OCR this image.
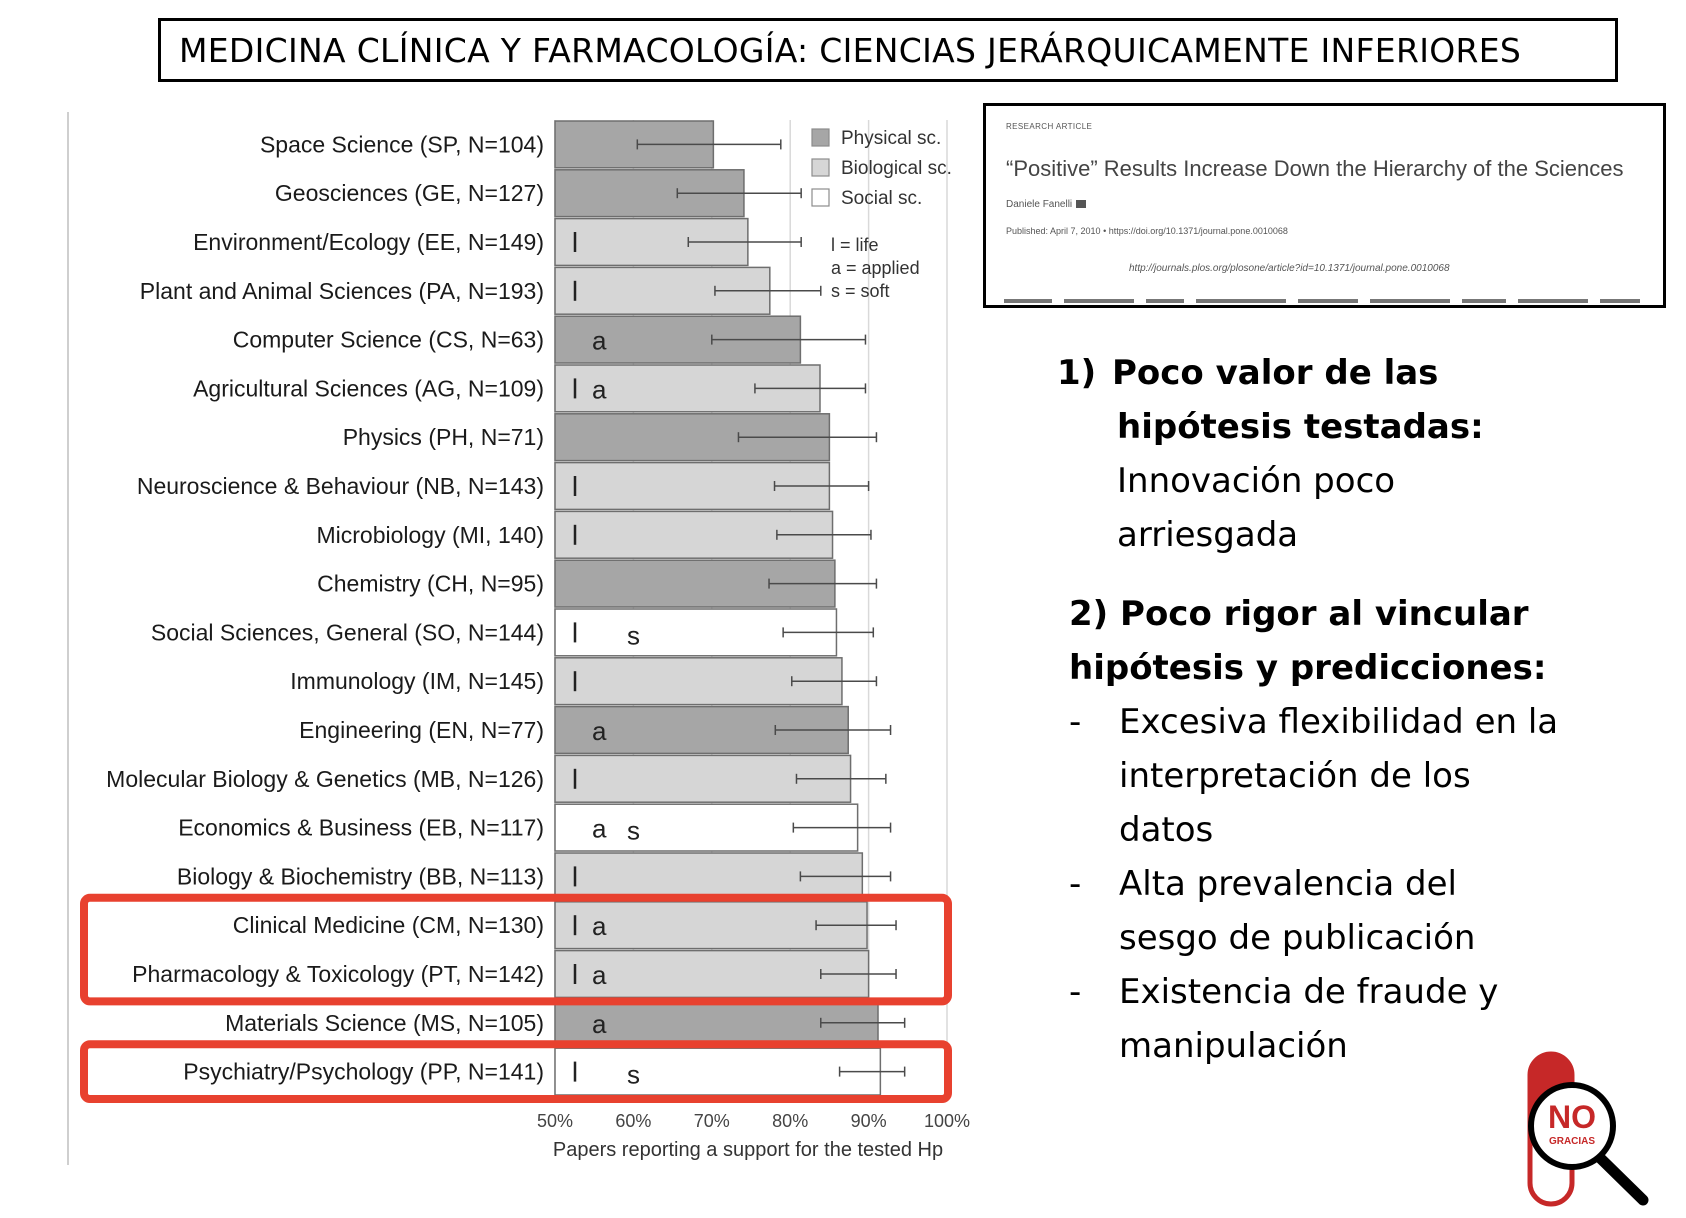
MEDICINA CLÍNICA Y FARMACOLOGÍA: CIENCIAS JERÁRQUICAMENTE INFERIORES
Space Science (SP, N=104)
Geosciences (GE, N=127)
Environment/Ecology (EE, N=149)
Plant and Animal Sciences (PA, N=193)
Computer Science (CS, N=63) a
Agricultural Sciences (AG, N=109) a
Physics (PH, N=71)
Neuroscience & Behaviour (NB, N=143)
Microbiology (MI, 140)
Chemistry (CH, N=95)
Social Sciences, General (SO, N=144)	s
Immunology (IM, N=145)
Engineering (EN, N=77) a
Molecular Biology & Genetics (MB, N=126)
Economics & Business (EB, N=117) a s
Biology & Biochemistry (BB, N=113)
Clinical Medicine (CM, N=130) a
Pharmacology & Toxicology (PT, N=142) a
Materials Science (MS, N=105) a
Psychiatry/Psychology (PP, N=141)	s
50% 60% 70% 80% 90% 100%
Papers reporting a support for the tested Hp
Physical sc.
Biological sc.
Social sc.
l = life
a = applied
s = soft
RESEARCH ARTICLE
“Positive” Results Increase Down the Hierarchy of the Sciences
Daniele Fanelli
Published: April 7, 2010 • https://doi.org/10.1371/journal.pone.0010068
http://journals.plos.org/plosone/article?id=10.1371/journal.pone.0010068
1) Poco valor de las
hipótesis testadas:
Innovación poco
arriesgada
2) Poco rigor al vincular
hipótesis y predicciones:
- Excesiva flexibilidad en la
interpretación de los
datos
- Alta prevalencia del
sesgo de publicación
- Existencia de fraude y
manipulación
NO
GRACIAS
